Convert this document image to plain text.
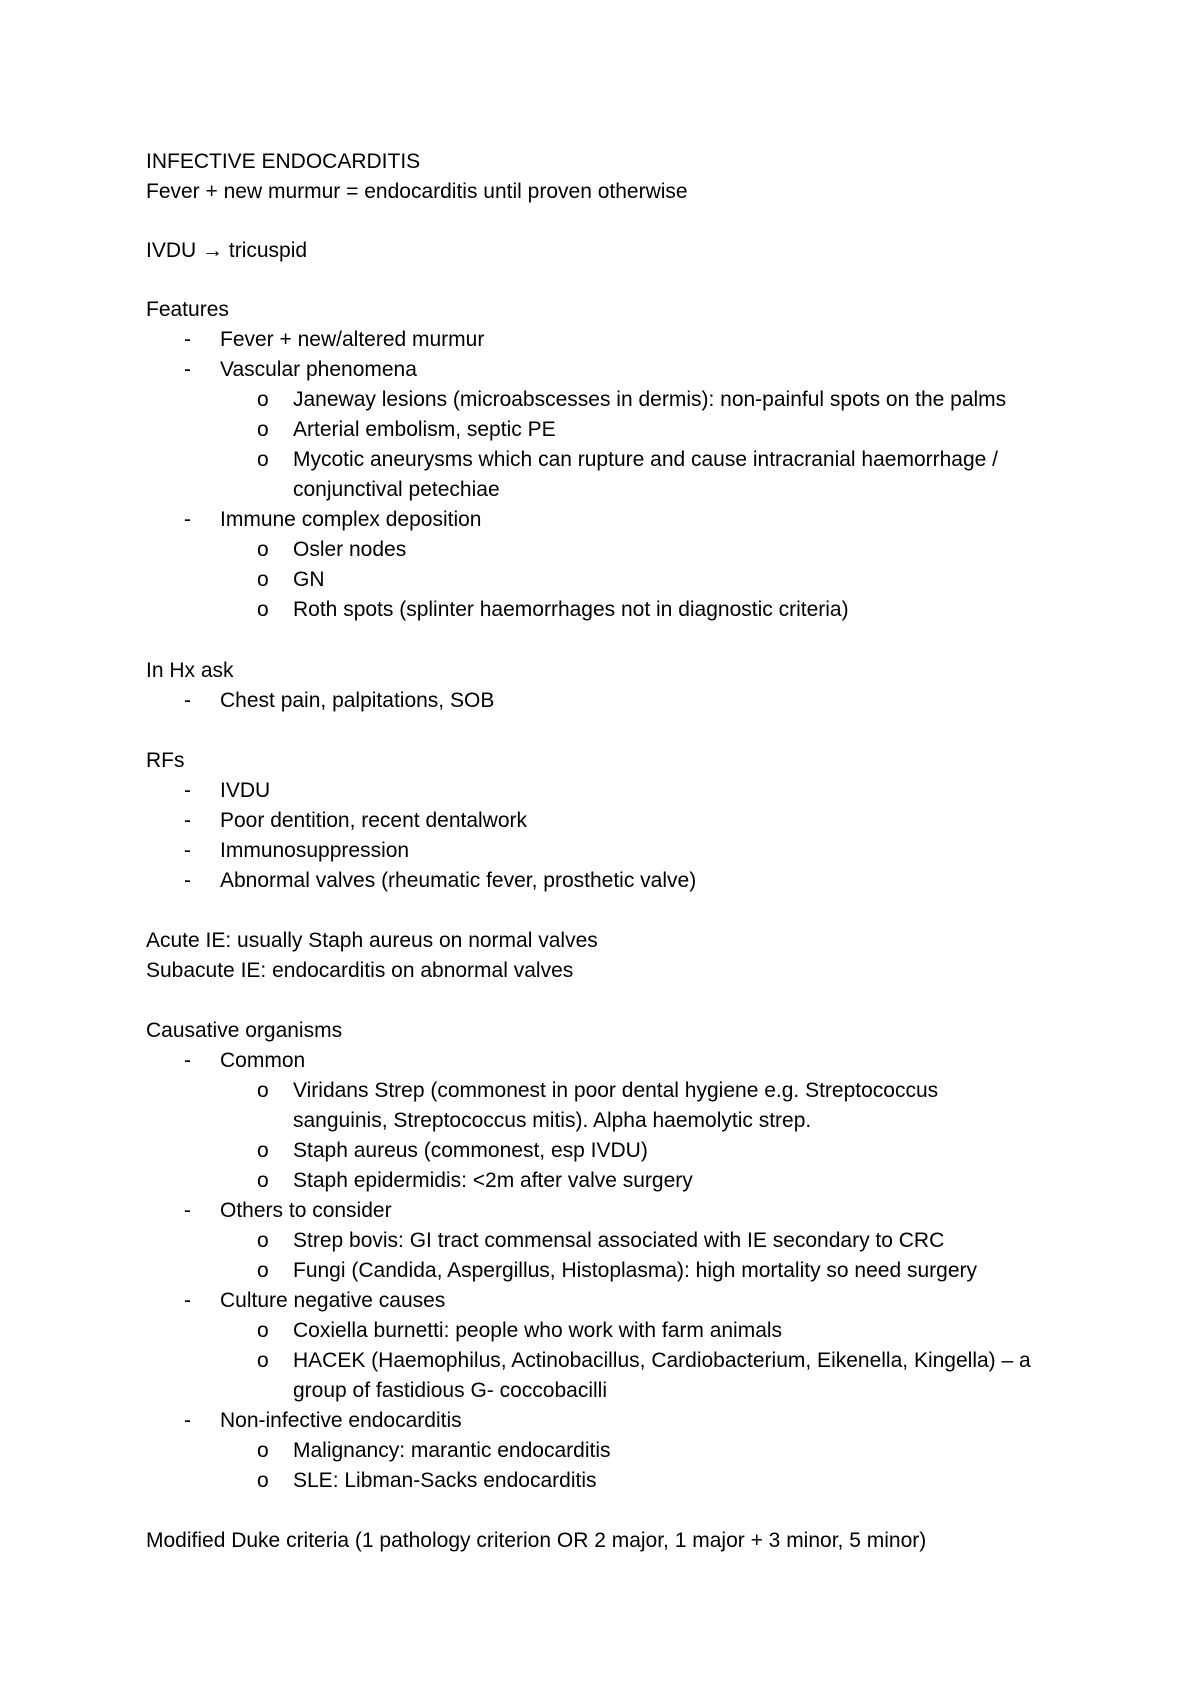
INFECTIVE ENDOCARDITIS
Fever + new murmur = endocarditis until proven otherwise
IVDU → tricuspid
Features
- Fever + new/altered murmur
- Vascular phenomena
o Janeway lesions (microabscesses in dermis): non-painful spots on the palms
o Arterial embolism, septic PE
o Mycotic aneurysms which can rupture and cause intracranial haemorrhage / conjunctival petechiae
- Immune complex deposition
o Osler nodes
o GN
o Roth spots (splinter haemorrhages not in diagnostic criteria)
In Hx ask
- Chest pain, palpitations, SOB
RFs
- IVDU
- Poor dentition, recent dentalwork
- Immunosuppression
- Abnormal valves (rheumatic fever, prosthetic valve)
Acute IE: usually Staph aureus on normal valves
Subacute IE: endocarditis on abnormal valves
Causative organisms
- Common
o Viridans Strep (commonest in poor dental hygiene e.g. Streptococcus sanguinis, Streptococcus mitis). Alpha haemolytic strep.
o Staph aureus (commonest, esp IVDU)
o Staph epidermidis: <2m after valve surgery
- Others to consider
o Strep bovis: GI tract commensal associated with IE secondary to CRC
o Fungi (Candida, Aspergillus, Histoplasma): high mortality so need surgery
- Culture negative causes
o Coxiella burnetti: people who work with farm animals
o HACEK (Haemophilus, Actinobacillus, Cardiobacterium, Eikenella, Kingella) – a group of fastidious G- coccobacilli
- Non-infective endocarditis
o Malignancy: marantic endocarditis
o SLE: Libman-Sacks endocarditis
Modified Duke criteria (1 pathology criterion OR 2 major, 1 major + 3 minor, 5 minor)
